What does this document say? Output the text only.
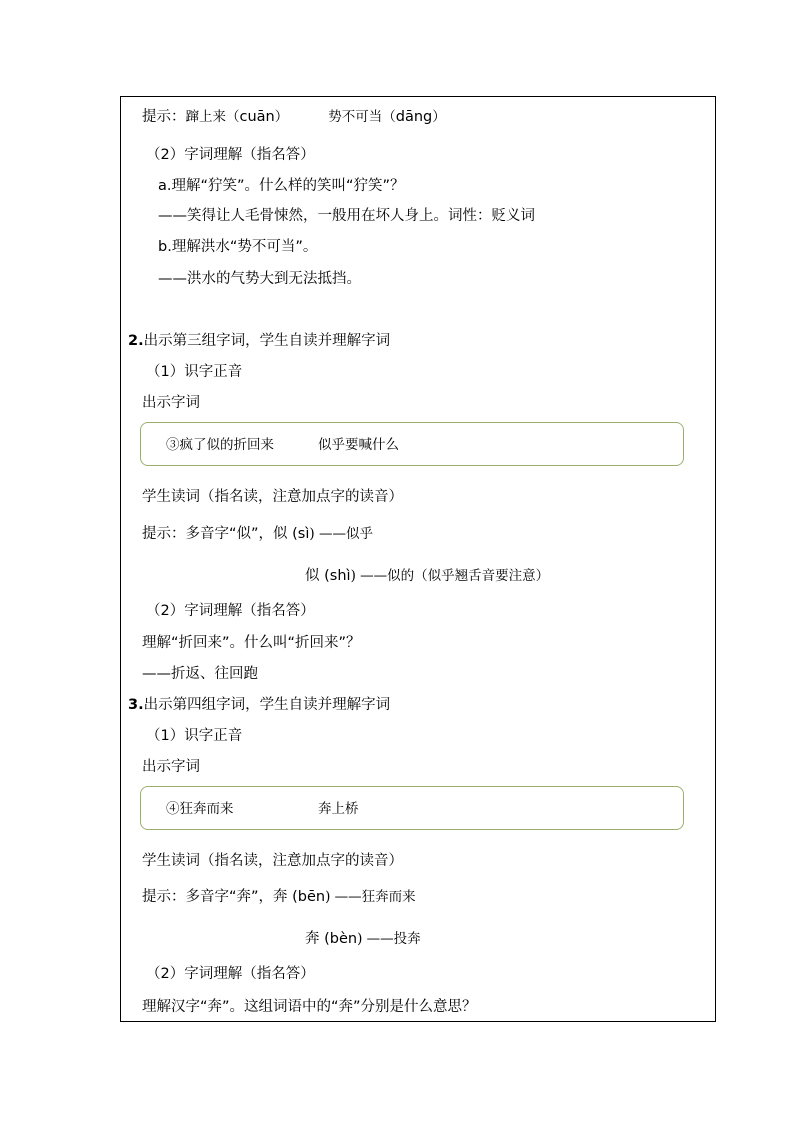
提示：蹿上来（cuān）	势不可当（dāng）
（2）字词理解（指名答）
a.理解“狞笑”。什么样的笑叫“狞笑”？
——笑得让人毛骨悚然，一般用在坏人身上。词性：贬义词
b.理解洪水“势不可当”。
——洪水的气势大到无法抵挡。
2.出示第三组字词，学生自读并理解字词
（1）识字正音
出示字词
③疯了似的折回来	似乎要喊什么
学生读词（指名读，注意加点字的读音）
提示：多音字“似”，似 (sì) ——似乎
似 (shì) ——似的（似乎翘舌音要注意）
（2）字词理解（指名答）
理解“折回来”。什么叫“折回来”？
——折返、往回跑
3.出示第四组字词，学生自读并理解字词
（1）识字正音
出示字词
④狂奔而来	奔上桥
学生读词（指名读，注意加点字的读音）
提示：多音字“奔”，奔 (bēn) ——狂奔而来
奔 (bèn) ——投奔
（2）字词理解（指名答）
理解汉字“奔”。这组词语中的“奔”分别是什么意思？
